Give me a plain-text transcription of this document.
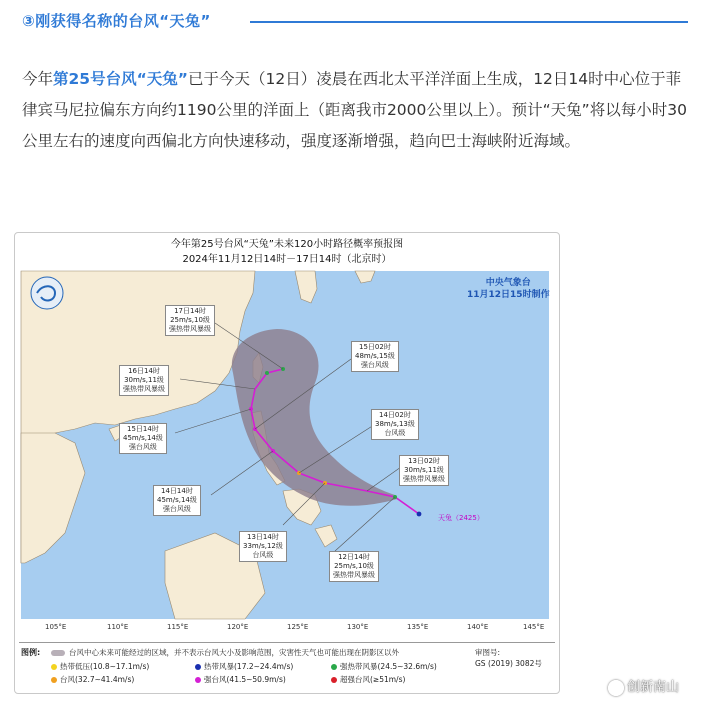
③刚获得名称的台风“天兔”
今年第25号台风“天兔”已于今天（12日）凌晨在西北太平洋洋面上生成，12日14时中心位于菲律宾马尼拉偏东方向约1190公里的洋面上（距离我市2000公里以上）。预计“天兔”将以每小时30公里左右的速度向西偏北方向快速移动，强度逐渐增强，趋向巴士海峡附近海域。
今年第25号台风“天兔”未来120小时路径概率预报图
2024年11月12日14时－17日14时（北京时）
中央气象台
11月12日15时制作
17日14时
25m/s,10级
强热带风暴级
16日14时
30m/s,11级
强热带风暴级
15日14时
45m/s,14级
强台风级
14日14时
45m/s,14级
强台风级
13日14时
33m/s,12级
台风级	12日14时
25m/s,10级
强热带风暴级
15日02时
48m/s,15级
强台风级
14日02时
38m/s,13级
台风级
13日02时
30m/s,11级
强热带风暴级
天兔（2425）
105°E	110°E	115°E	120°E	125°E	130°E	135°E	140°E	145°E
图例:	台风中心未来可能经过的区域，并不表示台风大小及影响范围，灾害性天气也可能出现在阴影区以外
热带低压(10.8~17.1m/s)	热带风暴(17.2~24.4m/s)	强热带风暴(24.5~32.6m/s)
台风(32.7~41.4m/s)	强台风(41.5~50.9m/s)	超强台风(≥51m/s)
审图号:
GS (2019) 3082号
创新南山
